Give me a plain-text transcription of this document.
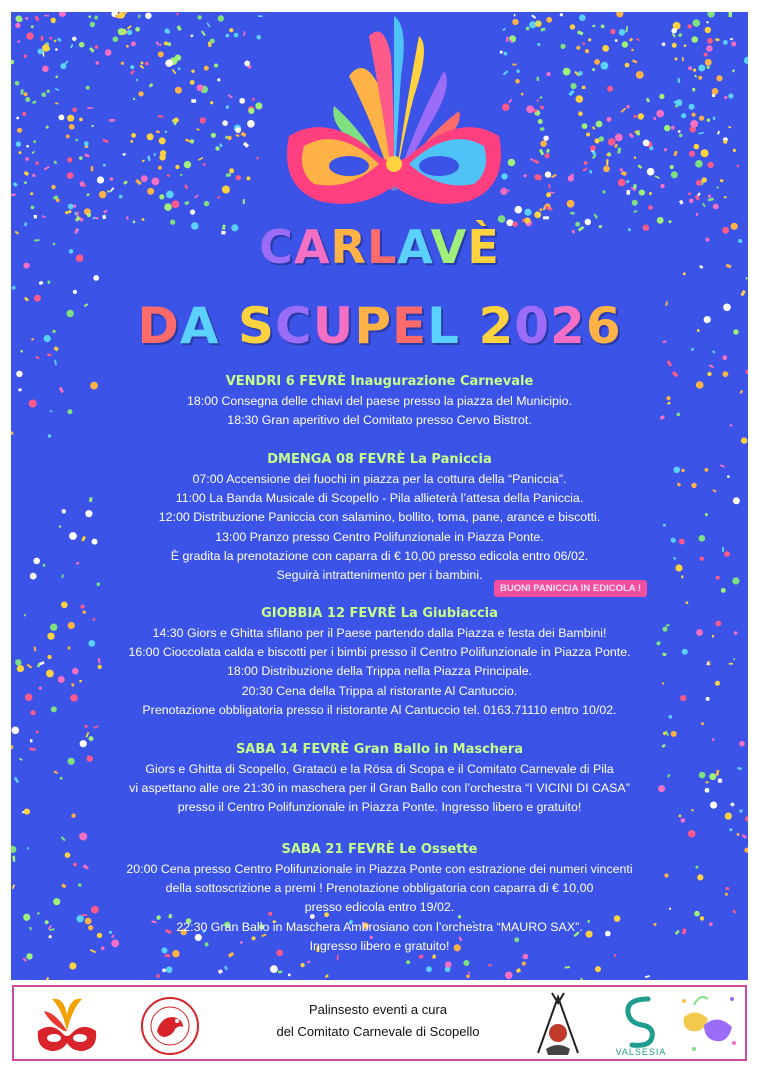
CARLAVÈ
DA SCUPEL 2026
VENDRI 6 FEVRÈ Inaugurazione Carnevale
18:00 Consegna delle chiavi del paese presso la piazza del Municipio.
18:30 Gran aperitivo del Comitato presso Cervo Bistrot.
DMENGA 08 FEVRÈ La Paniccia
07:00 Accensione dei fuochi in piazza per la cottura della “Paniccia”.
11:00 La Banda Musicale di Scopello - Pila allieterà l’attesa della Paniccia.
12:00 Distribuzione Paniccia con salamino, bollito, toma, pane, arance e biscotti.
13:00 Pranzo presso Centro Polifunzionale in Piazza Ponte.
È gradita la prenotazione con caparra di € 10,00 presso edicola entro 06/02.
Seguirà intrattenimento per i bambini.
BUONI PANICCIA IN EDICOLA !
GIOBBIA 12 FEVRÈ La Giubiaccia
14:30 Giors e Ghitta sfilano per il Paese partendo dalla Piazza e festa dei Bambini!
16:00 Cioccolata calda e biscotti per i bimbi presso il Centro Polifunzionale in Piazza Ponte.
18:00 Distribuzione della Trippa nella Piazza Principale.
20:30 Cena della Trippa al ristorante Al Cantuccio.
Prenotazione obbligatoria presso il ristorante Al Cantuccio tel. 0163.71110 entro 10/02.
SABA 14 FEVRÈ Gran Ballo in Maschera
Giors e Ghitta di Scopello, Gratacü e la Rösa di Scopa e il Comitato Carnevale di Pila
vi aspettano alle ore 21:30 in maschera per il Gran Ballo con l’orchestra “I VICINI DI CASA”
presso il Centro Polifunzionale in Piazza Ponte. Ingresso libero e gratuito!
SABA 21 FEVRÈ Le Ossette
20:00 Cena presso Centro Polifunzionale in Piazza Ponte con estrazione dei numeri vincenti
della sottoscrizione a premi ! Prenotazione obbligatoria con caparra di € 10,00
presso edicola entro 19/02.
22:30 Gran Ballo in Maschera Ambrosiano con l’orchestra “MAURO SAX”.
Ingresso libero e gratuito!
Palinsesto eventi a cura
del Comitato Carnevale di Scopello
VALSESIA
